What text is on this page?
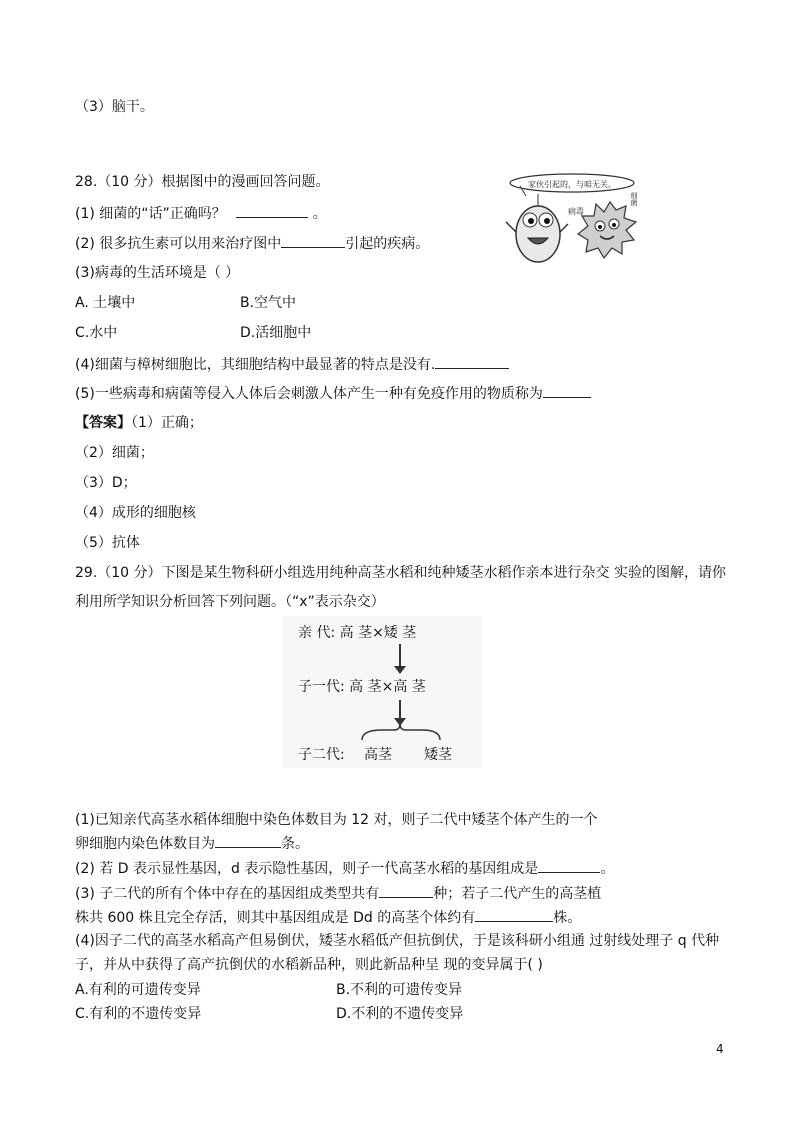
（3）脑干。
28.（10 分）根据图中的漫画回答问题。
(1) 细菌的“话”正确吗？	。
(2) 很多抗生素可以用来治疗图中	引起的疾病。
(3)病毒的生活环境是（ ）
A. 土壤中	B.空气中
C.水中	D.活细胞中
(4)细菌与樟树细胞比，其细胞结构中最显著的特点是没有.
(5)一些病毒和病菌等侵入人体后会刺激人体产生一种有免疫作用的物质称为
家伙引起的，与咱无关。
病毒
细菌
【答案】（1）正确；
（2）细菌；
（3）D；
（4）成形的细胞核
（5）抗体
29.（10 分）下图是某生物科研小组选用纯种高茎水稻和纯种矮茎水稻作亲本进行杂交 实验的图解，请你
利用所学知识分析回答下列问题。（“x”表示杂交）
亲 代: 高 茎×矮 茎
子一代: 高 茎×高 茎
子二代: 高茎 矮茎
(1)已知亲代高茎水稻体细胞中染色体数目为 12 对，则子二代中矮茎个体产生的一个
卵细胞内染色体数目为	条。
(2) 若 D 表示显性基因，d 表示隐性基因，则子一代高茎水稻的基因组成是	。
(3) 子二代的所有个体中存在的基因组成类型共有	种；若子二代产生的高茎植
株共 600 株且完全存活，则其中基因组成是 Dd 的高茎个体约有	株。
(4)因子二代的高茎水稻高产但易倒伏，矮茎水稻低产但抗倒伏，于是该科研小组通 过射线处理子 q 代种
子，并从中获得了高产抗倒伏的水稻新品种，则此新品种呈 现的变异属于( )
A.有利的可遗传变异	B.不利的可遗传变异
C.有利的不遗传变异	D.不利的不遗传变异
4
